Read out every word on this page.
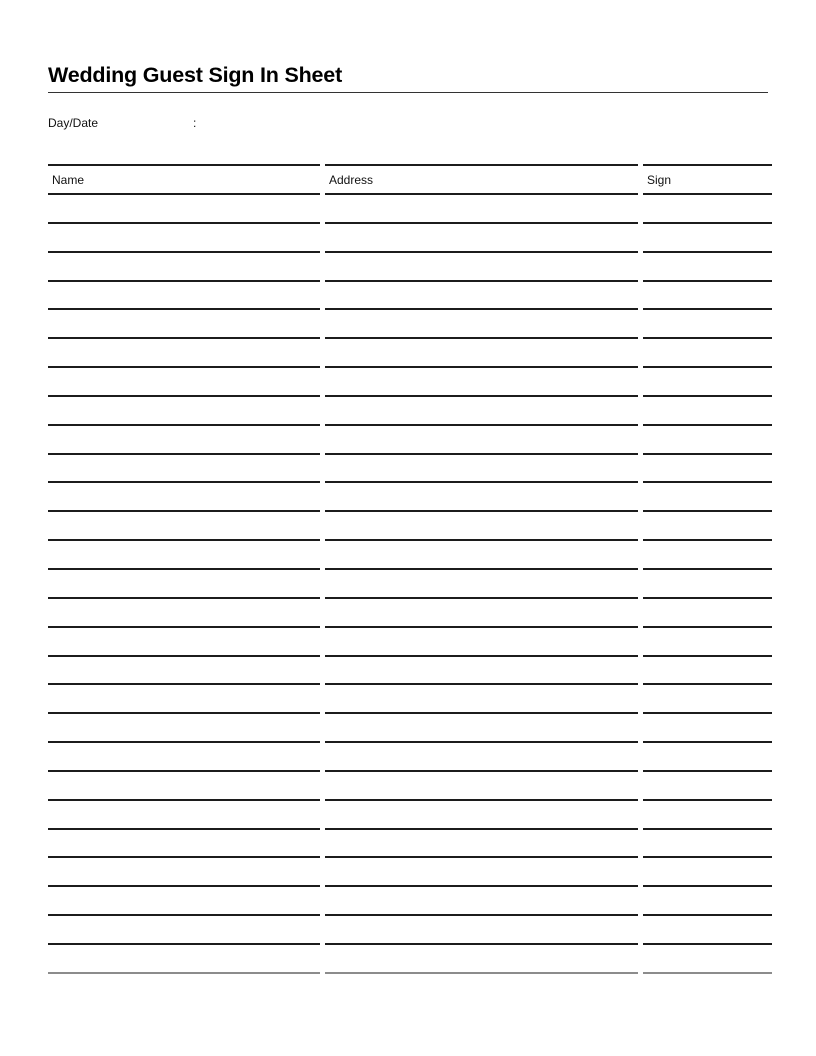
Wedding Guest Sign In Sheet
Day/Date	:
Name	Address	Sign
